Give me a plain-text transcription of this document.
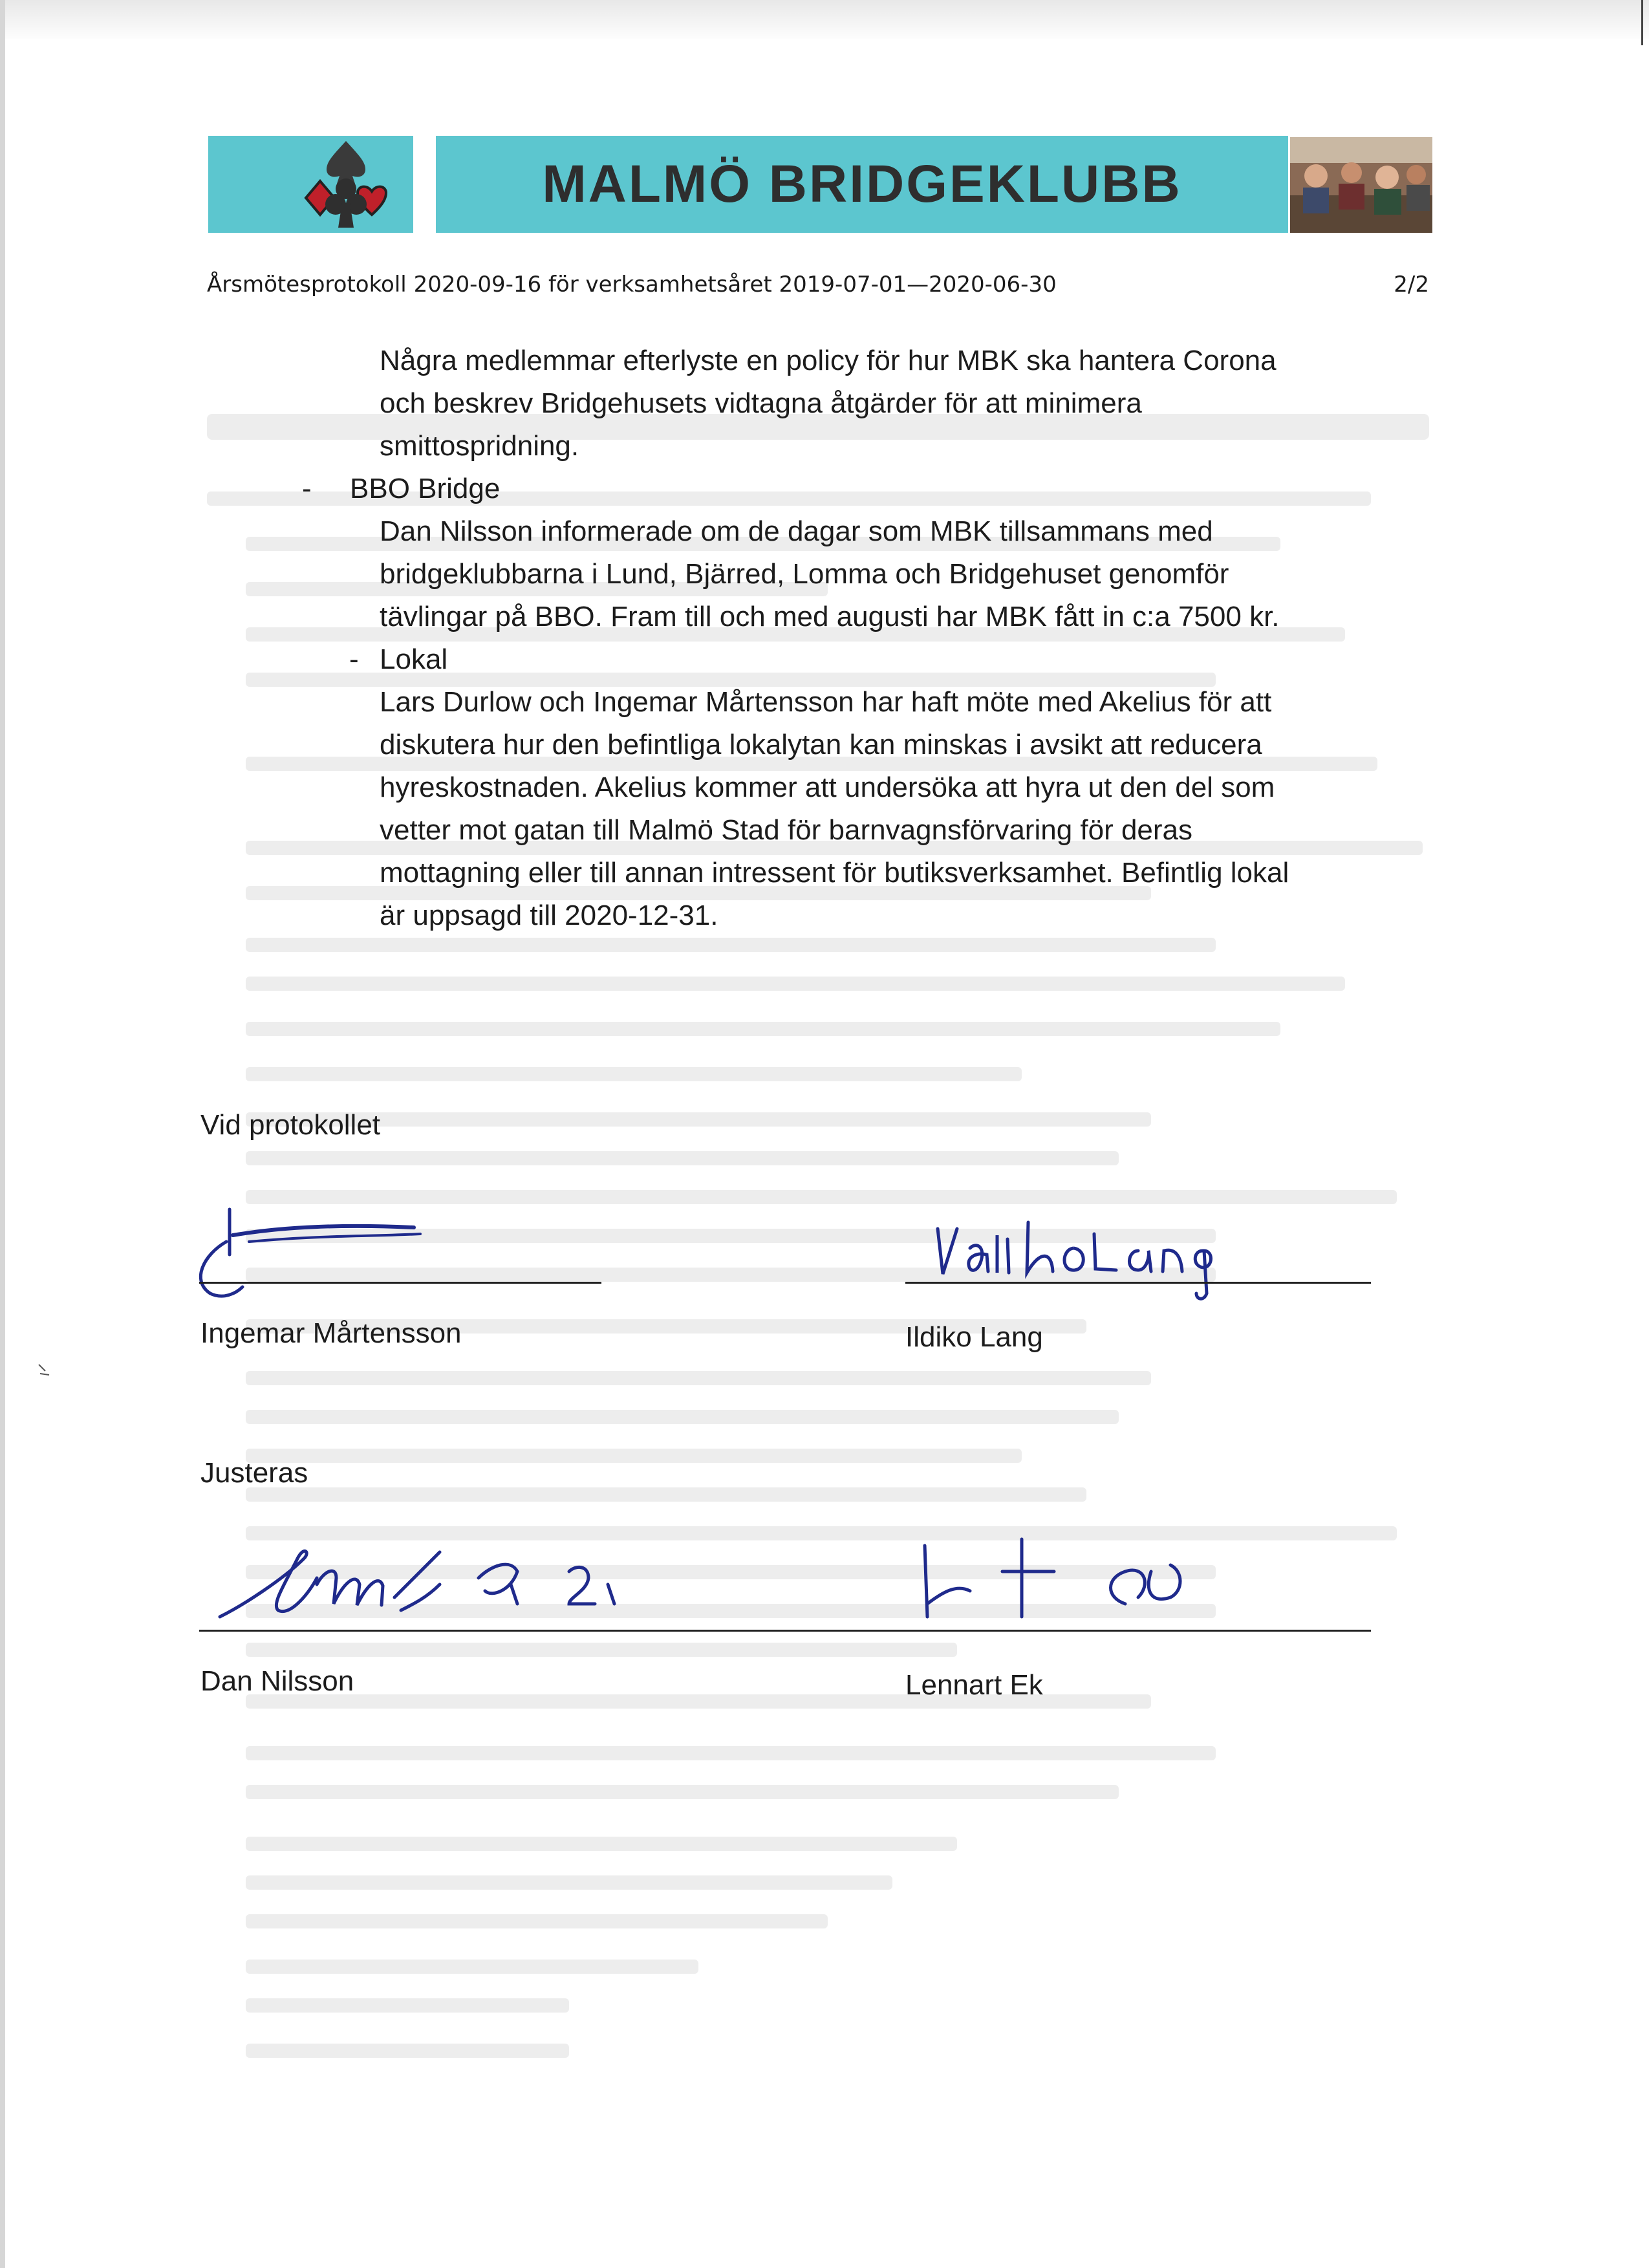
MALMÖ BRIDGEKLUBB
Årsmötesprotokoll 2020-09-16 för verksamhetsåret 2019-07-01—2020-06-30	2/2
Några medlemmar efterlyste en policy för hur MBK ska hantera Corona
och beskrev Bridgehusets vidtagna åtgärder för att minimera
smittospridning.
- BBO Bridge
Dan Nilsson informerade om de dagar som MBK tillsammans med
bridgeklubbarna i Lund, Bjärred, Lomma och Bridgehuset genomför
tävlingar på BBO. Fram till och med augusti har MBK fått in c:a 7500 kr.
- Lokal
Lars Durlow och Ingemar Mårtensson har haft möte med Akelius för att
diskutera hur den befintliga lokalytan kan minskas i avsikt att reducera
hyreskostnaden. Akelius kommer att undersöka att hyra ut den del som
vetter mot gatan till Malmö Stad för barnvagnsförvaring för deras
mottagning eller till annan intressent för butiksverksamhet. Befintlig lokal
är uppsagd till 2020-12-31.
Vid protokollet
Ingemar Mårtensson	Ildiko Lang
Justeras
Dan Nilsson	Lennart Ek
